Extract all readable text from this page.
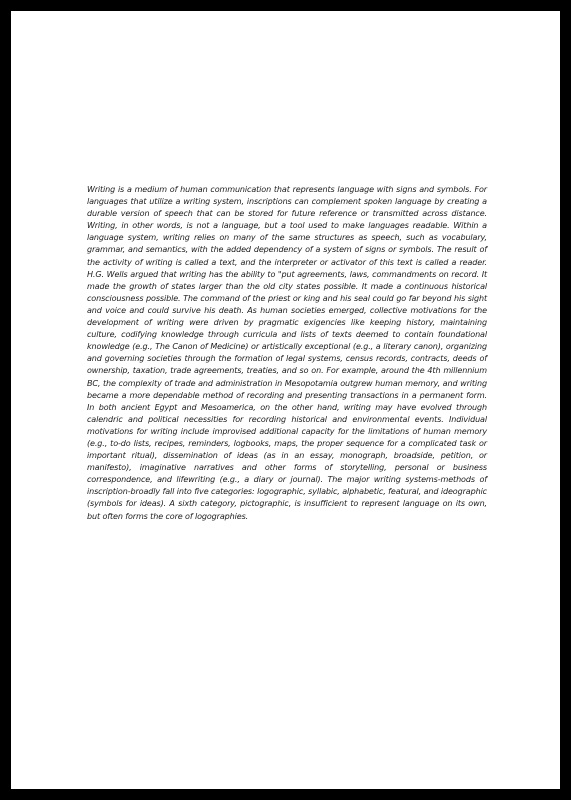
Writing is a medium of human communication that represents language with signs and symbols. For languages that utilize a writing system, inscriptions can complement spoken language by creating a durable version of speech that can be stored for future reference or transmitted across distance. Writing, in other words, is not a language, but a tool used to make languages readable. Within a language system, writing relies on many of the same structures as speech, such as vocabulary, grammar, and semantics, with the added dependency of a system of signs or symbols. The result of the activity of writing is called a text, and the interpreter or activator of this text is called a reader. H.G. Wells argued that writing has the ability to "put agreements, laws, commandments on record. It made the growth of states larger than the old city states possible. It made a continuous historical consciousness possible. The command of the priest or king and his seal could go far beyond his sight and voice and could survive his death. As human societies emerged, collective motivations for the development of writing were driven by pragmatic exigencies like keeping history, maintaining culture, codifying knowledge through curricula and lists of texts deemed to contain foundational knowledge (e.g., The Canon of Medicine) or artistically exceptional (e.g., a literary canon), organizing and governing societies through the formation of legal systems, census records, contracts, deeds of ownership, taxation, trade agreements, treaties, and so on. For example, around the 4th millennium BC, the complexity of trade and administration in Mesopotamia outgrew human memory, and writing became a more dependable method of recording and presenting transactions in a permanent form. In both ancient Egypt and Mesoamerica, on the other hand, writing may have evolved through calendric and political necessities for recording historical and environmental events. Individual motivations for writing include improvised additional capacity for the limitations of human memory (e.g., to-do lists, recipes, reminders, logbooks, maps, the proper sequence for a complicated task or important ritual), dissemination of ideas (as in an essay, monograph, broadside, petition, or manifesto), imaginative narratives and other forms of storytelling, personal or business correspondence, and lifewriting (e.g., a diary or journal). The major writing systems-methods of inscription-broadly fall into five categories: logographic, syllabic, alphabetic, featural, and ideographic (symbols for ideas). A sixth category, pictographic, is insufficient to represent language on its own, but often forms the core of logographies.
